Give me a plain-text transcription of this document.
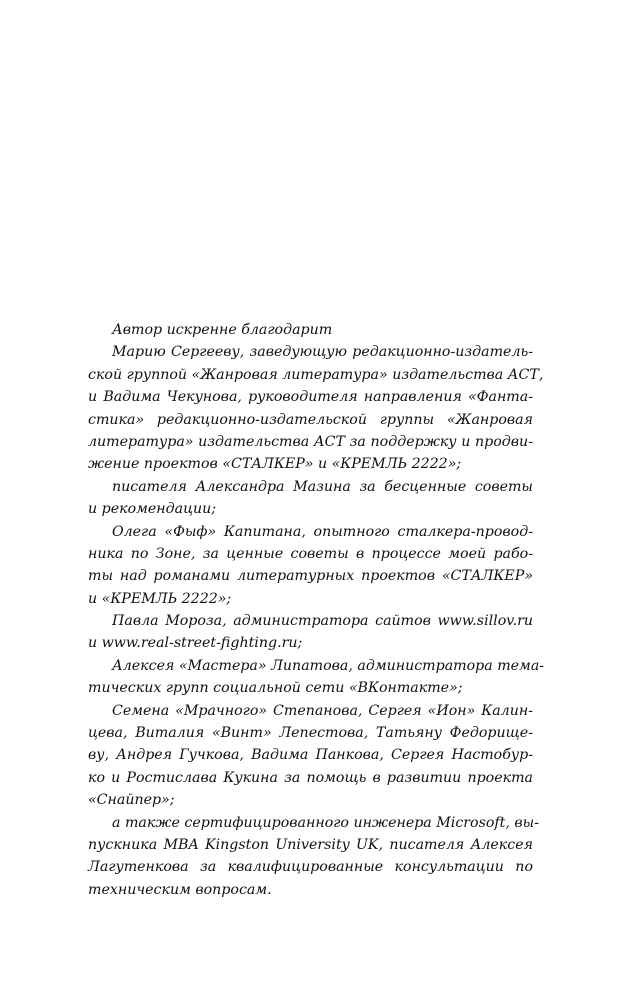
Автор искренне благодарит
Марию Сергееву, заведующую редакционно-издатель-
ской группой «Жанровая литература» издательства АСТ,
и Вадима Чекунова, руководителя направления «Фанта-
стика» редакционно-издательской группы «Жанровая
литература» издательства АСТ за поддержку и продви-
жение проектов «СТАЛКЕР» и «КРЕМЛЬ 2222»;
писателя Александра Мазина за бесценные советы
и рекомендации;
Олега «Фыф» Капитана, опытного сталкера-провод-
ника по Зоне, за ценные советы в процессе моей рабо-
ты над романами литературных проектов «СТАЛКЕР»
и «КРЕМЛЬ 2222»;
Павла Мороза, администратора сайтов www.sillov.ru
и www.real-street-fighting.ru;
Алексея «Мастера» Липатова, администратора тема-
тических групп социальной сети «ВКонтакте»;
Семена «Мрачного» Степанова, Сергея «Ион» Калин-
цева, Виталия «Винт» Лепестова, Татьяну Федорище-
ву, Андрея Гучкова, Вадима Панкова, Сергея Настобур-
ко и Ростислава Кукина за помощь в развитии проекта
«Снайпер»;
а также сертифицированного инженера Microsoft, вы-
пускника MBA Kingston University UK, писателя Алексея
Лагутенкова за квалифицированные консультации по
техническим вопросам.
